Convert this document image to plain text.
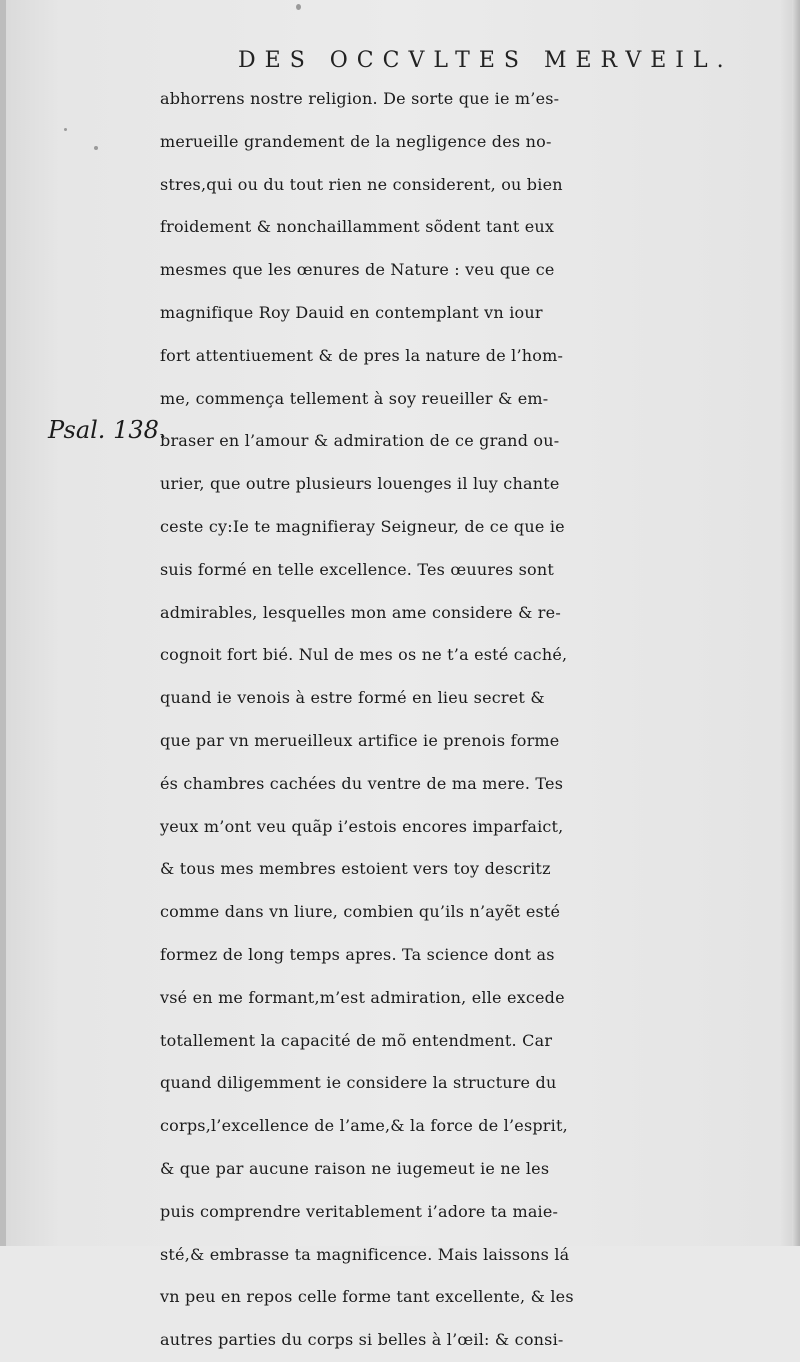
DES OCCVLTES MERVEIL.
Psal. 138.
abhorrens nostre religion. De sorte que ie m’es-
merueille grandement de la negligence des no-
stres,qui ou du tout rien ne considerent, ou bien
froidement & nonchaillamment sõdent tant eux
mesmes que les œnures de Nature : veu que ce
magnifique Roy Dauid en contemplant vn iour
fort attentiuement & de pres la nature de l’hom-
me, commença tellement à soy reueiller & em-
braser en l’amour & admiration de ce grand ou-
urier, que outre plusieurs louenges il luy chante
ceste cy:Ie te magnifieray Seigneur, de ce que ie
suis formé en telle excellence. Tes œuures sont
admirables, lesquelles mon ame considere & re-
cognoit fort bié. Nul de mes os ne t’a esté caché,
quand ie venois à estre formé en lieu secret &
que par vn merueilleux artifice ie prenois forme
és chambres cachées du ventre de ma mere. Tes
yeux m’ont veu quãp i’estois encores imparfaict,
& tous mes membres estoient vers toy descritz
comme dans vn liure, combien qu’ils n’ayẽt esté
formez de long temps apres. Ta science dont as
vsé en me formant,m’est admiration, elle excede
totallement la capacité de mõ entendment. Car
quand diligemment ie considere la structure du
corps,l’excellence de l’ame,& la force de l’esprit,
& que par aucune raison ne iugemeut ie ne les
puis comprendre veritablement i’adore ta maie-
sté,& embrasse ta magnificence. Mais laissons lá
vn peu en repos celle forme tant excellente, & les
autres parties du corps si belles à l’œil: & consi-
